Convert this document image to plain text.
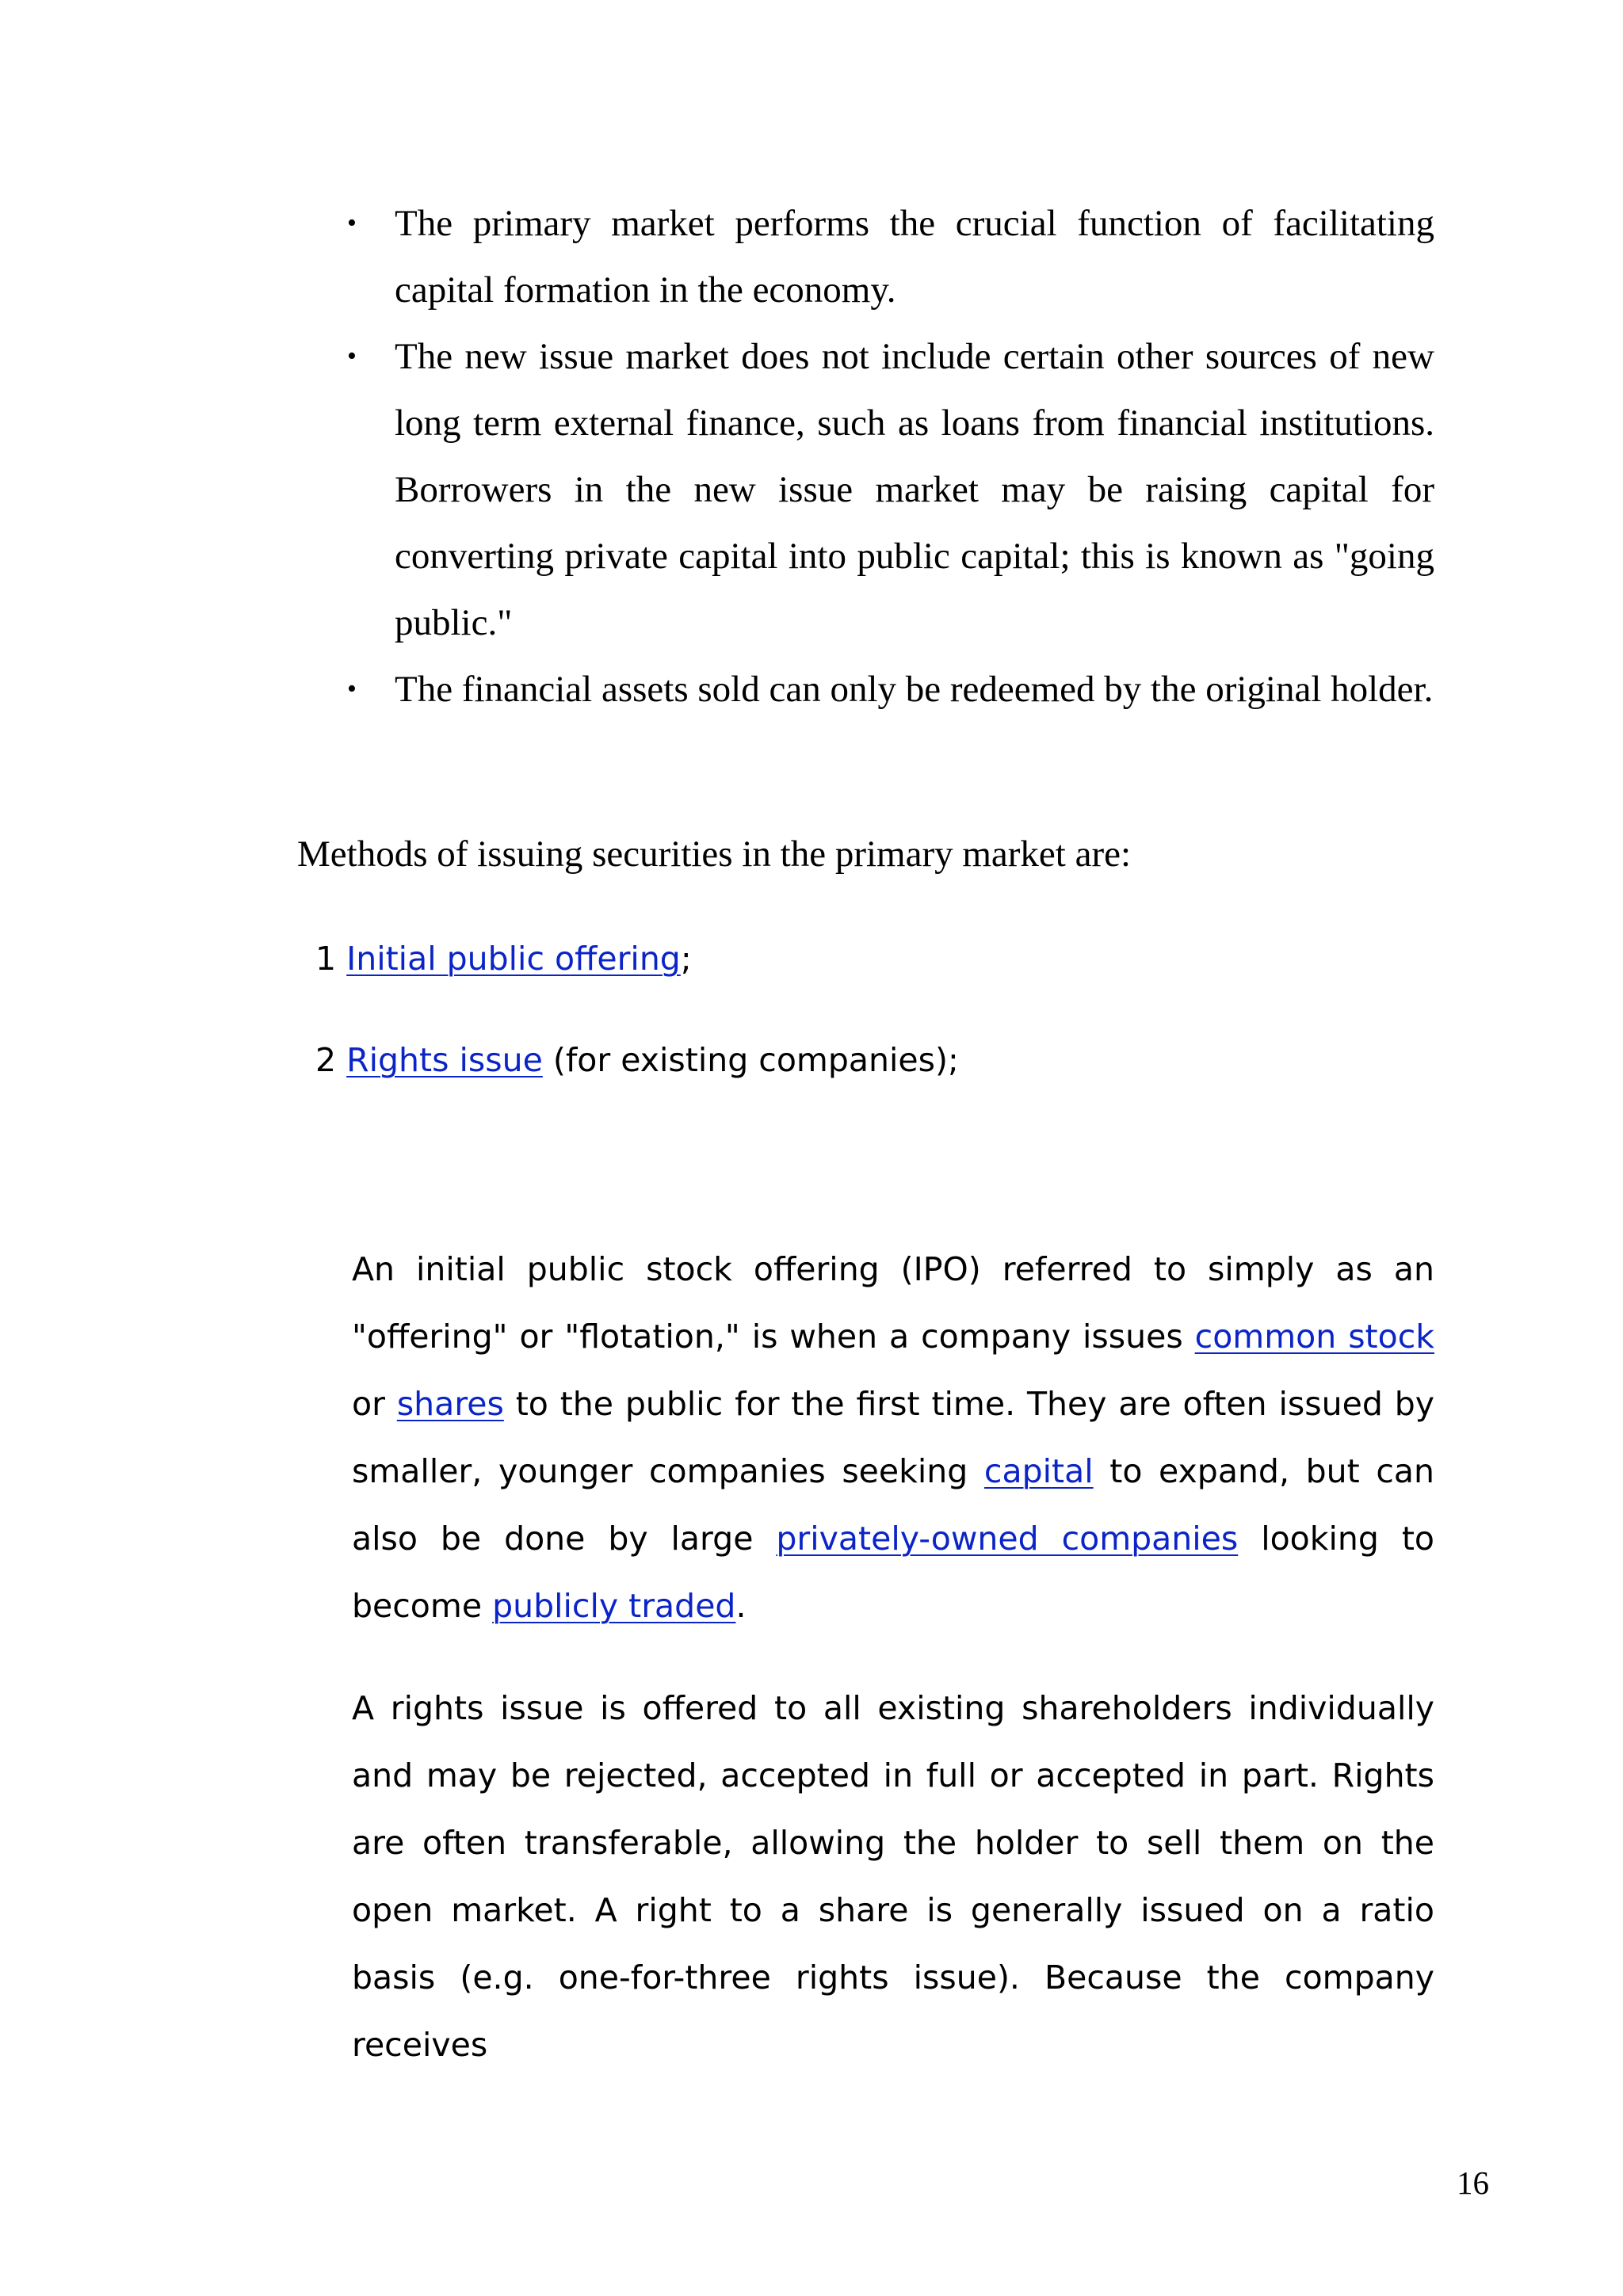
• The primary market performs the crucial function of facilitating capital formation in the economy.
• The new issue market does not include certain other sources of new long term external finance, such as loans from financial institutions. Borrowers in the new issue market may be raising capital for converting private capital into public capital; this is known as "going public."
• The financial assets sold can only be redeemed by the original holder.

Methods of issuing securities in the primary market are:

1 Initial public offering;

2 Rights issue (for existing companies);

An initial public stock offering (IPO) referred to simply as an "offering" or "flotation," is when a company issues common stock or shares to the public for the first time. They are often issued by smaller, younger companies seeking capital to expand, but can also be done by large privately-owned companies looking to become publicly traded.

A rights issue is offered to all existing shareholders individually and may be rejected, accepted in full or accepted in part. Rights are often transferable, allowing the holder to sell them on the open market. A right to a share is generally issued on a ratio basis (e.g. one-for-three rights issue). Because the company receives

16
